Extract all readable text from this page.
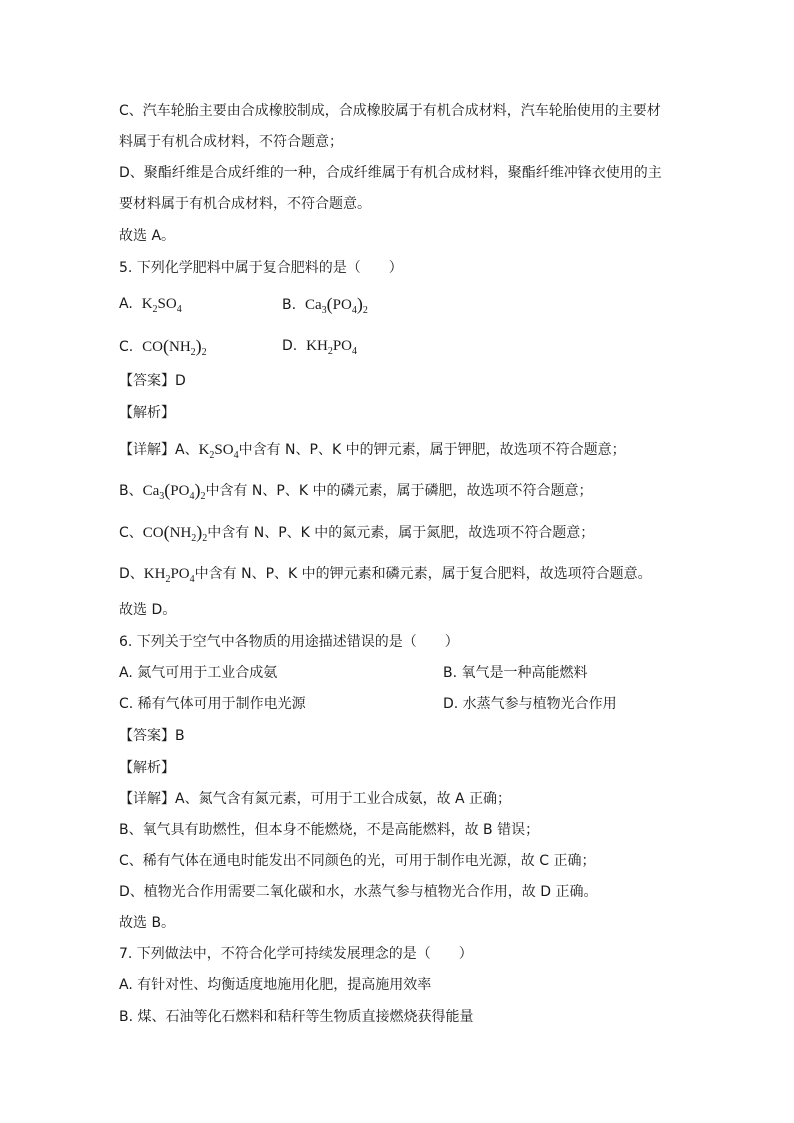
C、汽车轮胎主要由合成橡胶制成，合成橡胶属于有机合成材料，汽车轮胎使用的主要材
料属于有机合成材料，不符合题意；
D、聚酯纤维是合成纤维的一种，合成纤维属于有机合成材料，聚酯纤维冲锋衣使用的主
要材料属于有机合成材料，不符合题意。
故选 A。
5. 下列化学肥料中属于复合肥料的是（　　）
A. $K_2SO_4$	B. $Ca_3(PO_4)_2$
C. $CO(NH_2)_2$	D. $KH_2PO_4$
【答案】D
【解析】
【详解】A、$K_2SO_4$中含有 N、P、K 中的钾元素，属于钾肥，故选项不符合题意；
B、$Ca_3(PO_4)_2$中含有 N、P、K 中的磷元素，属于磷肥，故选项不符合题意；
C、$CO(NH_2)_2$中含有 N、P、K 中的氮元素，属于氮肥，故选项不符合题意；
D、$KH_2PO_4$中含有 N、P、K 中的钾元素和磷元素，属于复合肥料，故选项符合题意。
故选 D。
6. 下列关于空气中各物质的用途描述错误的是（　　）
A. 氮气可用于工业合成氨	B. 氧气是一种高能燃料
C. 稀有气体可用于制作电光源	D. 水蒸气参与植物光合作用
【答案】B
【解析】
【详解】A、氮气含有氮元素，可用于工业合成氨，故 A 正确；
B、氧气具有助燃性，但本身不能燃烧，不是高能燃料，故 B 错误；
C、稀有气体在通电时能发出不同颜色的光，可用于制作电光源，故 C 正确；
D、植物光合作用需要二氧化碳和水，水蒸气参与植物光合作用，故 D 正确。
故选 B。
7. 下列做法中，不符合化学可持续发展理念的是（　　）
A. 有针对性、均衡适度地施用化肥，提高施用效率
B. 煤、石油等化石燃料和秸秆等生物质直接燃烧获得能量
